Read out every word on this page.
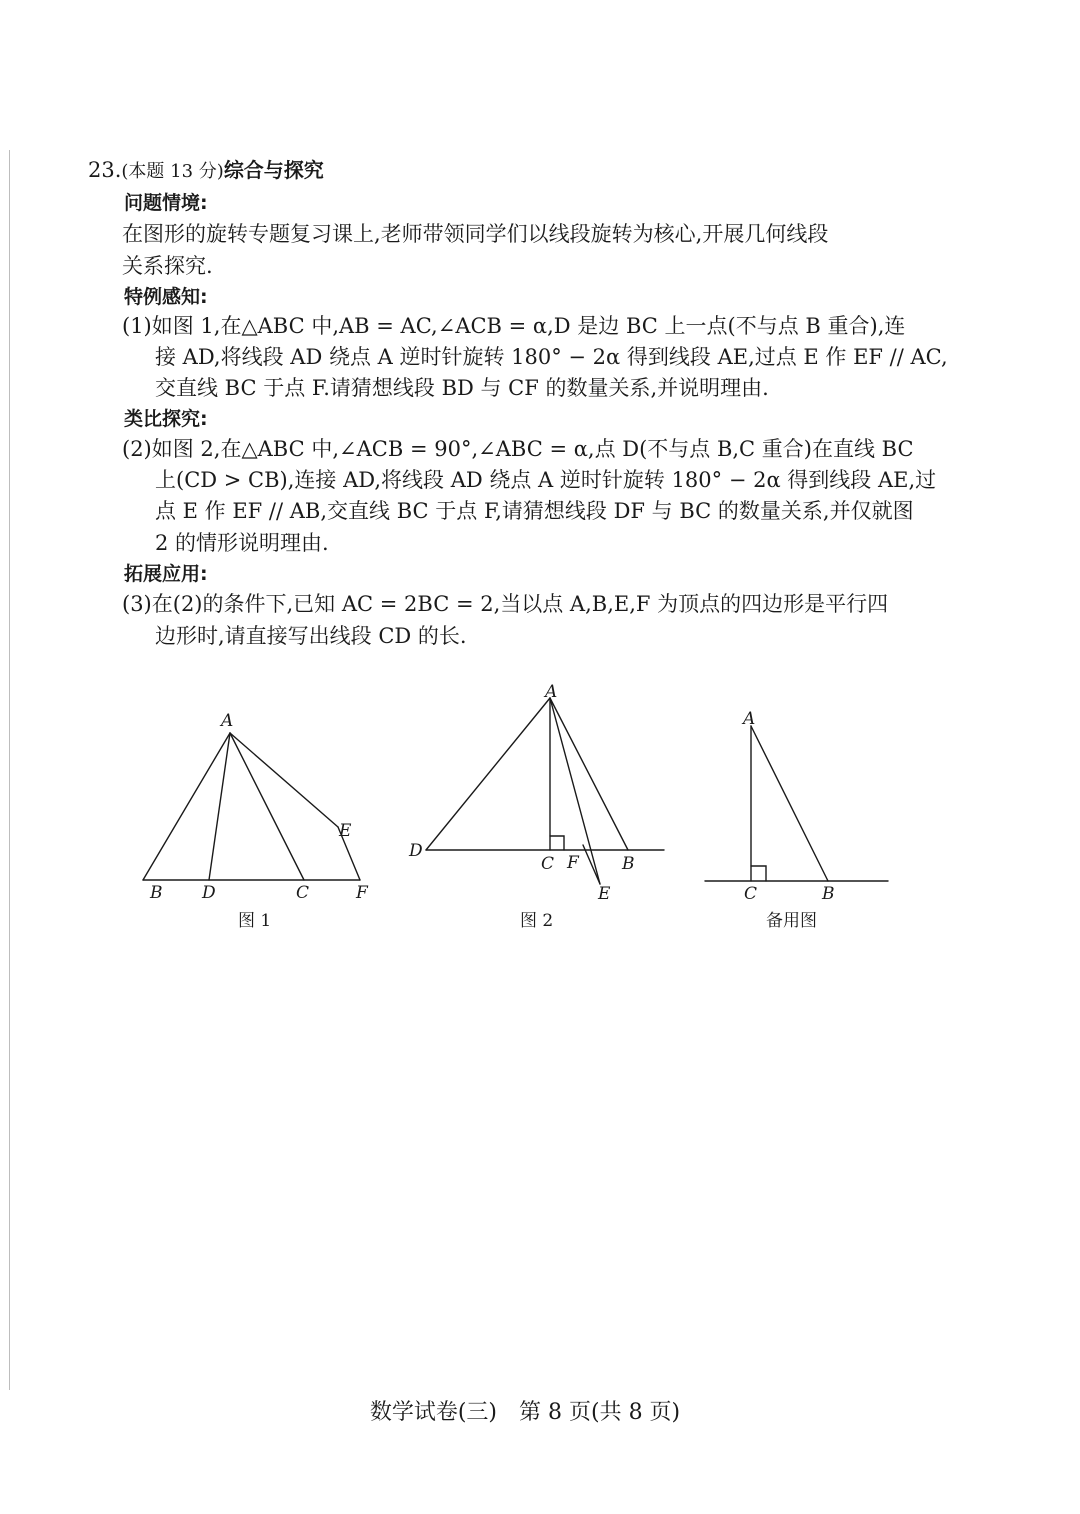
23.(本题 13 分)综合与探究
问题情境:
在图形的旋转专题复习课上,老师带领同学们以线段旋转为核心,开展几何线段
关系探究.
特例感知:
(1)如图 1,在△ABC 中,AB = AC,∠ACB = α,D 是边 BC 上一点(不与点 B 重合),连
接 AD,将线段 AD 绕点 A 逆时针旋转 180° − 2α 得到线段 AE,过点 E 作 EF // AC,
交直线 BC 于点 F.请猜想线段 BD 与 CF 的数量关系,并说明理由.
类比探究:
(2)如图 2,在△ABC 中,∠ACB = 90°,∠ABC = α,点 D(不与点 B,C 重合)在直线 BC
上(CD > CB),连接 AD,将线段 AD 绕点 A 逆时针旋转 180° − 2α 得到线段 AE,过
点 E 作 EF // AB,交直线 BC 于点 F,请猜想线段 DF 与 BC 的数量关系,并仅就图
2 的情形说明理由.
拓展应用:
(3)在(2)的条件下,已知 AC = 2BC = 2,当以点 A,B,E,F 为顶点的四边形是平行四
边形时,请直接写出线段 CD 的长.
A
B D	C	F
E
图 1
A
D
C F	B
E
图 2
A
C	B
备用图
数学试卷(三)　第 8 页(共 8 页)
